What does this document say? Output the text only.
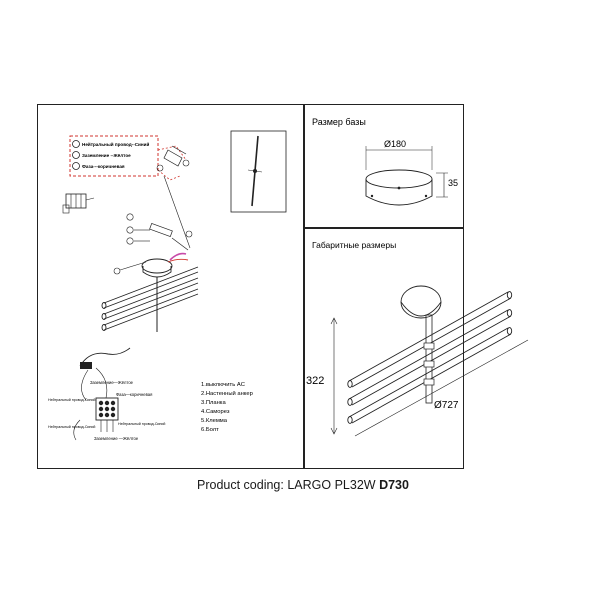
Нейтральный провод--Синий
Заземление --Жёлтое
Фаза---коричневая
Заземление—Жёлтое
Фаза—коричневая
Нейтральный провод-Синий
Нейтральный провод-Синий
Нейтральный провод-Синий
Заземление —Жёлтое
1.выключить AC
2.Настенный анкер
3.Планка
4.Саморез
5.Клемма
6.Болт
Размер базы
Ø180
35
Габаритные размеры
322
Ø727
Product coding: LARGO PL32W D730
